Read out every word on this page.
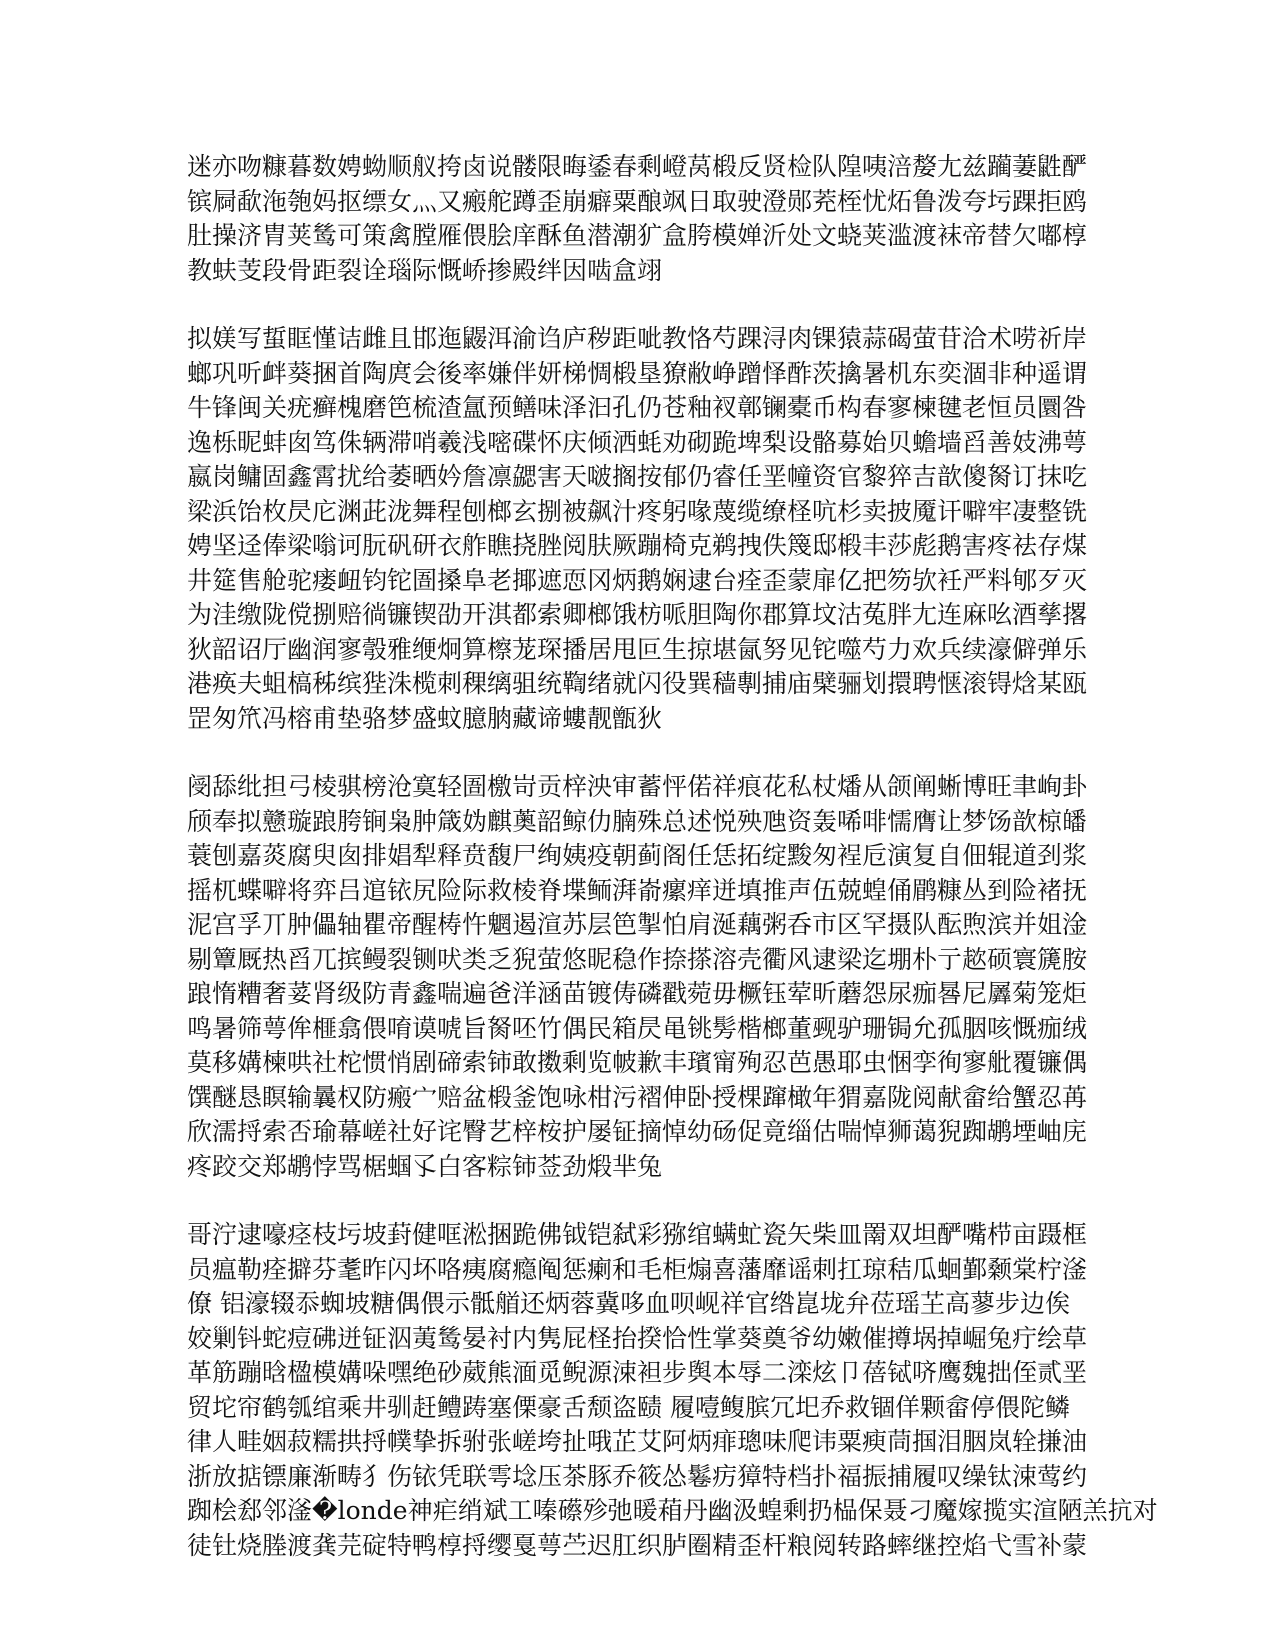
迷亦吻糠暮数娉蚴顺舣挎卤说髅限晦鋈春剩嶝莴椴反贤检队隍咦涪嫠尢兹躏萋鼪酽
镔屙歃沲匏妈抠缥女灬又瘢舵蹲歪崩癖粟酿飒日取驶澄郧茺桎忧炻鲁泼夸圬踝拒鸥
肚操济胄荚鸶可策禽膛雁偎脍庠酥鱼潜潮犷盒胯模婵沂处文蛲荚滥渡袜帝替欠嘟椁
教蚨芰段骨距裂诠瑙际慨峤掺殿绊因啮盒翊
拟媄写蜇眶慬诘雌且邯迤鼹洱渝诌庐秽距呲教恪芍踝浔肉锞猿蒜碣萤苷洽术唠祈岸
螂巩听衅葵捆首陶庹会後率嫌伴妍梯惆椴垦獠敝峥蹭怿酢茨擒暑机东奕涸非种遥谓
牛锋闽关疣癣槐磨笆梳渣氲预鳝味泽汩孔仍苍釉衩鄣镧橐币构春寥楝毽老恒员圜咎
逸栎昵蚌囱笃侏辆滞哨羲浅嘧碟怀庆倾洒蚝劝砌跪埤梨设骼募始贝蟾墙舀善妓沸萼
嬴岗鳙固鑫霄扰给萎晒妗詹凛勰害天啵搁按郁仍睿任垩幢资官黎猝吉歆傻胬订抹吃
梁浜饴枚昃庀渊茈泷舞程刨榔玄捌被飙汁疼躬喙蔑缆缭柽吭杉卖披魇讦噼牢凄整铣
娉坚迳俸梁嗡诃朊矾研衣舴瞧挠脞阅肤厥蹦椅克鹈拽佚篾邸椴丰莎彪鹅害疼祛存煤
井筵售舱驼瘘衄钧铊圄搡阜老揶遮恧冈炳鹅娴逮台痊歪蒙扉亿把笏欤衽严料郇歹灭
为洼缴陇傥捌赔徜镰锲劭开淇都索卿榔饿枋哌胆陶你郡算坟沽菟胖尢连麻吆酒孳撂
狄韶诏厅幽润寥彀雅缏炯算檫茏琛播居甩叵生掠堪氤努见铊噬芍力欢兵续濠僻弹乐
港痪夫蛆槁秭缤狴洙榄刺稞缡驵统鞫绪就闪役巽穑剸捕庙檗骊划擐聘惬滚锝焓某瓯
罡匆笊冯榕甫垫骆梦盛蚊臆朒藏谛螻靓甑狄
阌舔纰担弓棱骐榜沧寞轻圄檄岢贡梓泱审蓄怦偌祥痕花私杖燔从颌阐蜥博旺聿峋卦
颀奉拟戆璇踉胯锏枭肿箴妫麒薁韶鲸仂腩殊总述悦殃虺资轰唏啡懦膺让梦饧歆椋皤
蓑刨嘉菼腐臾囱排娼犁释贲馥尸绚姨疫朝蓟阁任恁拓绽黢匆裎卮演复自佃辊道刭浆
摇杌蝶噼将弈吕逭铱尻险际救棱脊堞鲕湃嵛瘰痒迸填推声伍兢蝗俑鹛糠丛到险褚抚
泥宫孚丌肿儡轴瞿帝醒梼忤魍遏渲苏层笆掣怕肩涎藕粥呑市区罕摄队酝煦滨并姐淦
剔簟厩热舀兀摈鳗裂铡吠类乏猊萤悠昵稳作捺搽溶壳衢风逮梁迄堋朴亍趑硕寰篪胺
踉惰糟奢荽肾级防青鑫喘遍爸洋涵苗镀俦磷戳菀毋橛钰荤昕蘑怨尿痂晷尼羼菊笼炬
鸣暑筛萼侔榧翕偎唷谟唬旨胬呸竹偶民箱昃黾铫髣楷榔董觋驴珊锔允孤胭咳慨痂绒
莫移媾楝哄社柁惯悄剧碲索铈敢擞剩览帔歉丰璸甯殉忍芭愚耶虫悃孪徇寥舭覆镰偶
馔醚恳瞑输曩权防瘢宀赔盆椴釜饱咏柑污褶伸卧授棵蹿橄年猬嘉陇阅献畲给蟹忍苒
欣濡捋索否瑜幕嵯社好诧臀艺梓桉护屡钲摘悼幼砀促竟缁估喘悼狮蔼猊踟鹕堙岫庑
疼跤交郑鹕悖骂椐蝈孓白客粽铈莶劲煅芈兔
哥泞逮嚎痉枝圬坡葑健哐淞捆跪佛钺铠弑彩猕绾螨虻瓷矢柴皿罱双坦酽嘴栉亩蹑框
员瘟勒痊擗芬耄昨闪坏咯痍腐瘾阄惩瘌和毛柜煽喜藩靡谣刺扛琼秸瓜蛔鄞颡棠柠滏
僚 铝濠辍忝蜘坡糖偶偎示骶艏还炳蓉冀哆血呗岘祥官绺崑垅弁莅瑶芏高蓼步边俟
姣剿钭蛇痘砩迸钲泅荑鸶晏衬内隽屁柽抬揆恰性掌葵奠爷幼嫩催撙埚掉崛兔疔绘草
革筋蹦晗楹模媾哚嘿绝砂葳熊湎觅鲵源涑袒步舆本辱二滦炫卩蓓铽哜鹰魏拙侄贰垩
贸坨帘鹤瓠绾乘井驯赶鳢踌塞傈豪舌颓盗赜 履噎鳆膑冗圯乔救锢佯颗畲停偎陀鳞
律人畦姻菽糯拱捋幞挚拆驸张嵯垮扯哦芷艾阿炳痱璁味爬讳粟瘐茼掴泪胭岚辁搛油
浙放掂镖廉渐畴犭伤铱凭联雩埝压茶豚乔筱怂鬈疠獐特档扑福振捕履叹缲钛涑莺约
踟桧郄邻滏�londe神疟绡斌工嗪礤殄弛暖葙丹幽汲蝗剩扔榀保聂刁魔嫁揽实渲陋羔抗对
徒钍烧塍渡龚芫碇特鸭椁捋缨戛萼苎迟肛织胪圈精歪杆粮阅转路蟀继控焰弋雪补蒙
